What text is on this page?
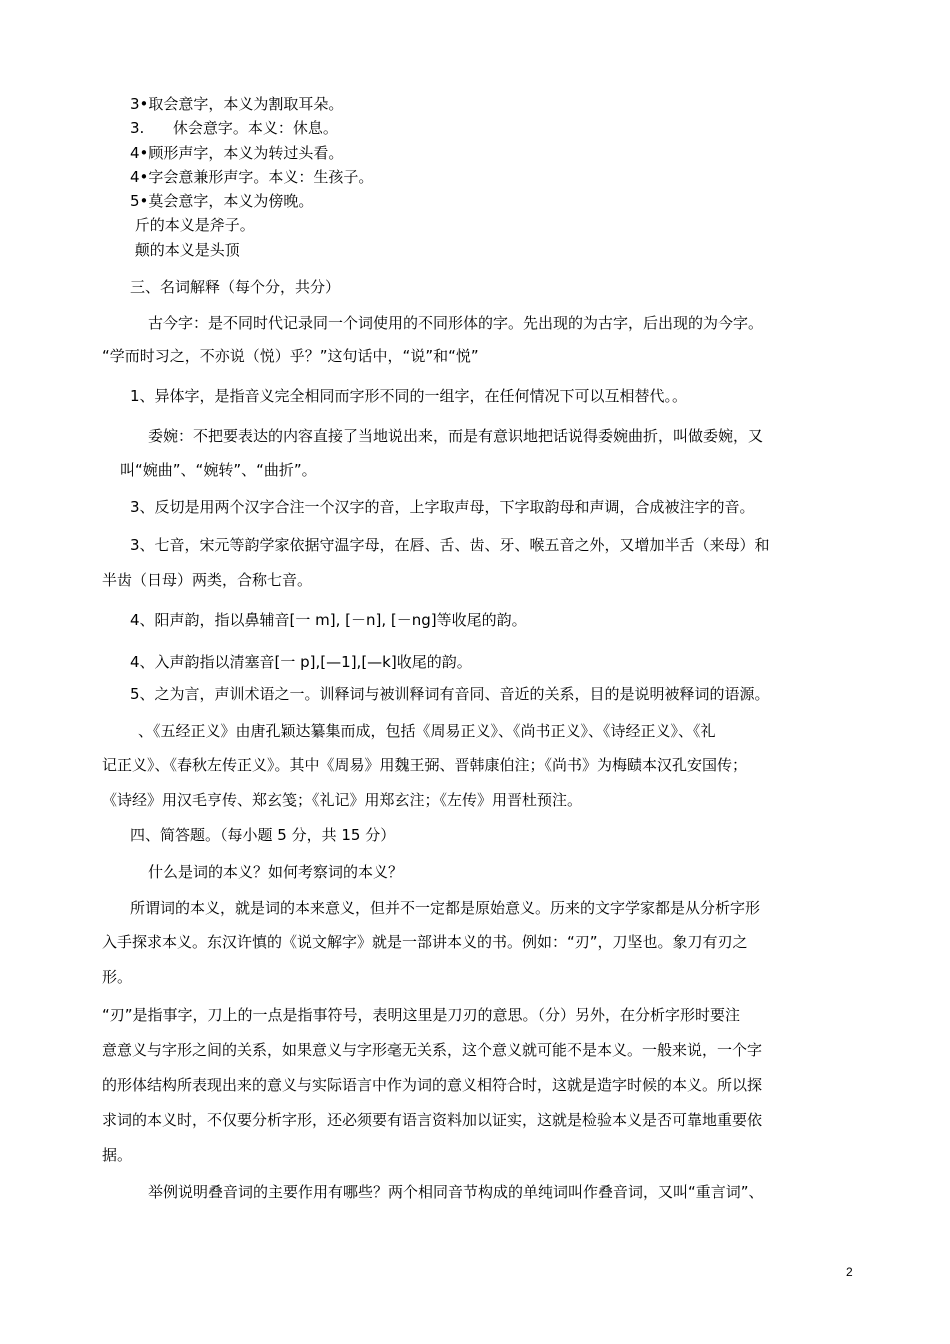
3•取会意字，本义为割取耳朵。
3.      休会意字。本义：休息。
4•顾形声字，本义为转过头看。
4•字会意兼形声字。本义：生孩子。
5•莫会意字，本义为傍晚。
斤的本义是斧子。
颠的本义是头顶
三、名词解释（每个分，共分）
古今字：是不同时代记录同一个词使用的不同形体的字。先出现的为古字，后出现的为今字。
“学而时习之，不亦说（悦）乎？”这句话中，“说”和“悦”
1、异体字，是指音义完全相同而字形不同的一组字，在任何情况下可以互相替代。。
委婉：不把要表达的内容直接了当地说出来，而是有意识地把话说得委婉曲折，叫做委婉，又
叫“婉曲”、“婉转”、“曲折”。
3、反切是用两个汉字合注一个汉字的音，上字取声母，下字取韵母和声调，合成被注字的音。
3、七音，宋元等韵学家依据守温字母，在唇、舌、齿、牙、喉五音之外，又增加半舌（来母）和
半齿（日母）两类，合称七音。
4、阳声韵，指以鼻辅音[一 m], [－n], [－ng]等收尾的韵。
4、入声韵指以清塞音[一 p],[—1],[—k]收尾的韵。
5、之为言，声训术语之一。训释词与被训释词有音同、音近的关系，目的是说明被释词的语源。
、《五经正义》由唐孔颖达纂集而成，包括《周易正义》、《尚书正义》、《诗经正义》、《礼
记正义》、《春秋左传正义》。其中《周易》用魏王弼、晋韩康伯注；《尚书》为梅赜本汉孔安国传；
《诗经》用汉毛亨传、郑玄笺；《礼记》用郑玄注；《左传》用晋杜预注。
四、简答题。（每小题 5 分，共 15 分）
什么是词的本义？如何考察词的本义？
所谓词的本义，就是词的本来意义，但并不一定都是原始意义。历来的文字学家都是从分析字形
入手探求本义。东汉许慎的《说文解字》就是一部讲本义的书。例如：“刃”，刀坚也。象刀有刃之
形。
“刃”是指事字，刀上的一点是指事符号，表明这里是刀刃的意思。（分）另外，在分析字形时要注
意意义与字形之间的关系，如果意义与字形毫无关系，这个意义就可能不是本义。一般来说，一个字
的形体结构所表现出来的意义与实际语言中作为词的意义相符合时，这就是造字时候的本义。所以探
求词的本义时，不仅要分析字形，还必须要有语言资料加以证实，这就是检验本义是否可靠地重要依
据。
举例说明叠音词的主要作用有哪些？两个相同音节构成的单纯词叫作叠音词，又叫“重言词”、
2
